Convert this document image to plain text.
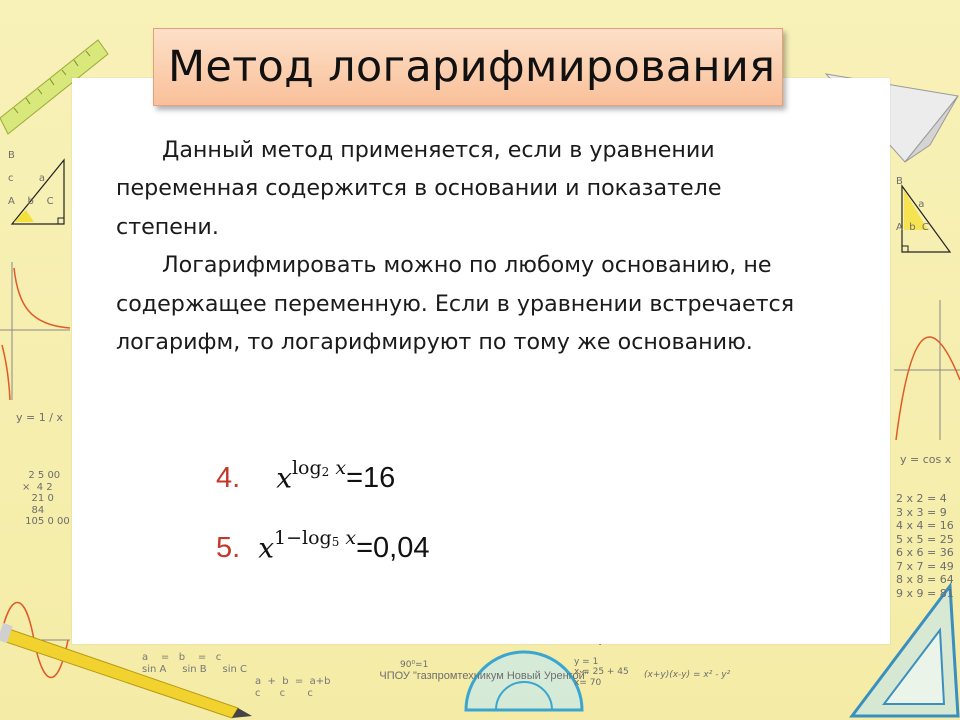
B

c        a

A    b    C
y = 1 / x
2 5 00
×  4 2
21 0
84
105 0 00
a    =   b    =   c
sin A     sin B     sin C
a  +  b  =  a+b
c      c       c
B

a

A  b  C
y = cos x
2 x 2 = 4
3 x 3 = 9
4 x 4 = 16
5 x 5 = 25
6 x 6 = 36
7 x 7 = 49
8 x 8 = 64
9 x 9 = 81

y = 1
x = 25 + 45
x= 70
(x+y)(x-y) = x² - y²
90⁰=1
Метод логарифмирования

Данный метод применяется, если в уравнении переменная содержится в основании и показателе степени.

Логарифмировать можно по любому основанию, не содержащее переменную. Если в уравнении встречается логарифм, то логарифмируют по тому же основанию.

4. $x^{log_2 x} =16$
5. $x^{1-log_5 x} =0,04$
ЧПОУ "газпромтехникум Новый Уренгой"
